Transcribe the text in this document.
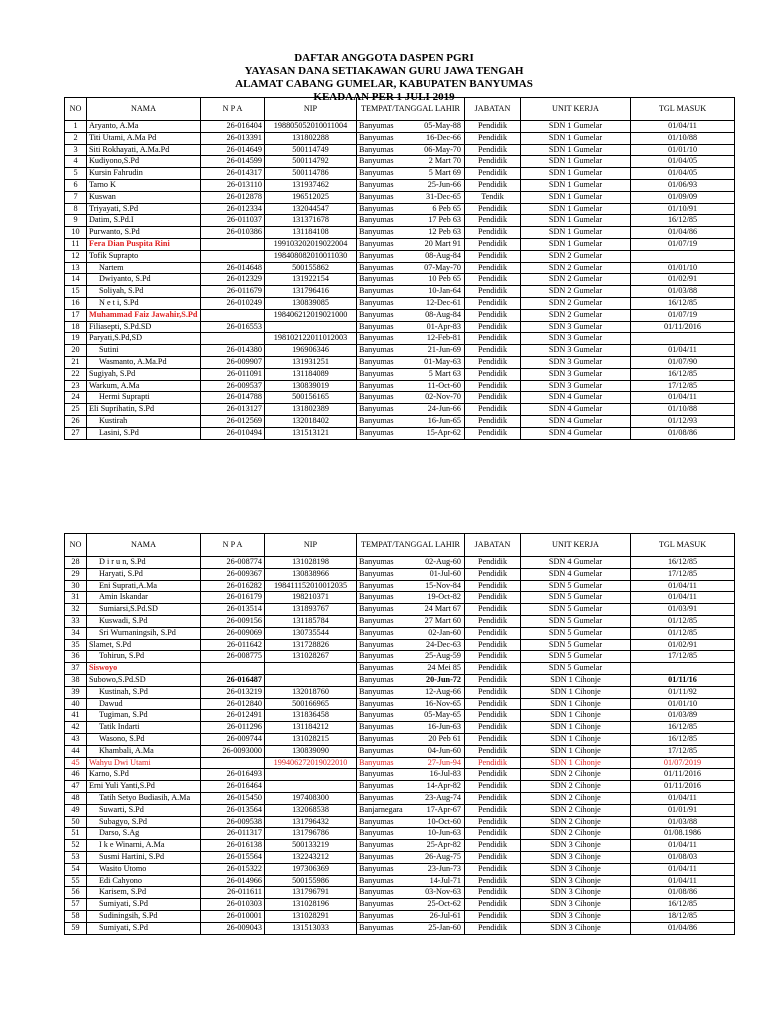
DAFTAR ANGGOTA DASPEN PGRI
YAYASAN DANA SETIAKAWAN GURU JAWA TENGAH
ALAMAT CABANG GUMELAR, KABUPATEN BANYUMAS
KEADAAN PER 1 JULI 2019
NO	NAMA	N P A	NIP	TEMPAT/TANGGAL LAHIR	JABATAN	UNIT KERJA	TGL MASUK
1	Aryanto, A.Ma	26-016404	198805052010011004	Banyumas 05-May-88	Pendidik	SDN 1 Gumelar	01/04/11
2	Titi Utami, A.Ma Pd	26-013391	131802288	Banyumas 16-Dec-66	Pendidik	SDN 1 Gumelar	01/10/88
3	Siti Rokhayati, A.Ma.Pd	26-014649	500114749	Banyumas 06-May-70	Pendidik	SDN 1 Gumelar	01/01/10
4	Kudiyono,S.Pd	26-014599	500114792	Banyumas 2 Mart 70	Pendidik	SDN 1 Gumelar	01/04/05
5	Kursin Fahrudin	26-014317	500114786	Banyumas 5 Mart 69	Pendidik	SDN 1 Gumelar	01/04/05
6	Tarno K	26-013110	131937462	Banyumas 25-Jun-66	Pendidik	SDN 1 Gumelar	01/06/93
7	Kuswan	26-012878	196512025	Banyumas 31-Dec-65	Tendik	SDN 1 Gumelar	01/09/09
8	Triyayati, S.Pd	26-012334	132044547	Banyumas 6 Peb 65	Pendidik	SDN 1 Gumelar	01/10/91
9	Datim, S.Pd.I	26-011037	131371678	Banyumas 17 Peb 63	Pendidik	SDN 1 Gumelar	16/12/85
10	Purwanto, S.Pd	26-010386	131184108	Banyumas 12 Peb 63	Pendidik	SDN 1 Gumelar	01/04/86
11	Fera Dian Puspita Rini		199103202019022004	Banyumas 20 Mart 91	Pendidik	SDN 1 Gumelar	01/07/19
12	Tofik Suprapto		198408082010011030	Banyumas 08-Aug-84	Pendidik	SDN 2 Gumelar	
13	Nartem	26-014648	500155862	Banyumas 07-May-70	Pendidik	SDN 2 Gumelar	01/01/10
14	Dwiyanto, S.Pd	26-012329	131922154	Banyumas 10 Peb 65	Pendidik	SDN 2 Gumelar	01/02/91
15	Soliyah, S.Pd	26-011679	131796416	Banyumas 10-Jan-64	Pendidik	SDN 2 Gumelar	01/03/88
16	N e t i, S.Pd	26-010249	130839085	Banyumas 12-Dec-61	Pendidik	SDN 2 Gumelar	16/12/85
17	Muhammad Faiz Jawahir,S.Pd		198406212019021000	Banyumas 08-Aug-84	Pendidik	SDN 2 Gumelar	01/07/19
18	Filiasepti, S.Pd.SD	26-016553		Banyumas 01-Apr-83	Pendidik	SDN 3 Gumelar	01/11/2016
19	Paryati,S.Pd,SD		198102122011012003	Banyumas 12-Feb-81	Pendidik	SDN 3 Gumelar	
20	Sutini	26-014380	196906346	Banyumas 21-Jun-69	Pendidik	SDN 3 Gumelar	01/04/11
21	Wasmanto, A.Ma.Pd	26-009907	131931251	Banyumas 01-May-63	Pendidik	SDN 3 Gumelar	01/07/90
22	Sugiyah, S.Pd	26-011091	131184089	Banyumas 5 Mart 63	Pendidik	SDN 3 Gumelar	16/12/85
23	Warkum, A.Ma	26-009537	130839019	Banyumas 11-Oct-60	Pendidik	SDN 3 Gumelar	17/12/85
24	Hermi Suprapti	26-014788	500156165	Banyumas 02-Nov-70	Pendidik	SDN 4 Gumelar	01/04/11
25	Eli Suprihatin, S.Pd	26-013127	131802389	Banyumas 24-Jun-66	Pendidik	SDN 4 Gumelar	01/10/88
26	Kustirah	26-012569	132018402	Banyumas 16-Jun-65	Pendidik	SDN 4 Gumelar	01/12/93
27	Lasini, S.Pd	26-010494	131513121	Banyumas 15-Apr-62	Pendidik	SDN 4 Gumelar	01/08/86
NO	NAMA	N P A	NIP	TEMPAT/TANGGAL LAHIR	JABATAN	UNIT KERJA	TGL MASUK
28	D i r u n, S.Pd	26-008774	131028198	Banyumas 02-Aug-60	Pendidik	SDN 4 Gumelar	16/12/85
29	Haryati, S.Pd	26-009367	130838966	Banyumas 01-Jul-60	Pendidik	SDN 4 Gumelar	17/12/85
30	Eni Suprati,A.Ma	26-016282	198411152010012035	Banyumas 15-Nov-84	Pendidik	SDN 5 Gumelar	01/04/11
31	Amin Iskandar	26-016179	198210371	Banyumas 19-Oct-82	Pendidik	SDN 5 Gumelar	01/04/11
32	Sumiarsi,S.Pd.SD	26-013514	131893767	Banyumas 24 Mart 67	Pendidik	SDN 5 Gumelar	01/03/91
33	Kuswadi, S.Pd	26-009156	131185784	Banyumas 27 Mart 60	Pendidik	SDN 5 Gumelar	01/12/85
34	Sri Wurnaningsih, S.Pd	26-009069	130735544	Banyumas 02-Jan-60	Pendidik	SDN 5 Gumelar	01/12/85
35	Slamet, S.Pd	26-011642	131728826	Banyumas 24-Dec-63	Pendidik	SDN 5 Gumelar	01/02/91
36	Tohirun, S.Pd	26-008775	131028267	Banyumas 25-Aug-59	Pendidik	SDN 5 Gumelar	17/12/85
37	Siswoyo			Banyumas 24 Mei 85	Pendidik	SDN 5 Gumelar	
38	Subowo,S.Pd.SD	26-016487		Banyumas 20-Jun-72	Pendidik	SDN 1 Cihonje	01/11/16
39	Kustinah, S.Pd	26-013219	132018760	Banyumas 12-Aug-66	Pendidik	SDN 1 Cihonje	01/11/92
40	Dawud	26-012840	500166965	Banyumas 16-Nov-65	Pendidik	SDN 1 Cihonje	01/01/10
41	Tugiman, S.Pd	26-012491	131836458	Banyumas 05-May-65	Pendidik	SDN 1 Cihonje	01/03/89
42	Tatik Indarti	26-011296	131184212	Banyumas 16-Jun-63	Pendidik	SDN 1 Cihonje	16/12/85
43	Wasono, S.Pd	26-009744	131028215	Banyumas 20 Peb 61	Pendidik	SDN 1 Cihonje	16/12/85
44	Khambali, A.Ma	26-0093000	130839090	Banyumas 04-Jun-60	Pendidik	SDN 1 Cihonje	17/12/85
45	Wahyu Dwi Utami		199406272019022010	Banyumas 27-Jun-94	Pendidik	SDN 1 Cihonje	01/07/2019
46	Karno, S.Pd	26-016493		Banyumas 16-Jul-83	Pendidik	SDN 2 Cihonje	01/11/2016
47	Erni Yuli Yanti,S.Pd	26-016464		Banyumas 14-Apr-82	Pendidik	SDN 2 Cihonje	01/11/2016
48	Tatih Setyo Budiasih, A.Ma	26-015450	197408300	Banyumas 23-Aug-74	Pendidik	SDN 2 Cihonje	01/04/11
49	Suwarti, S.Pd	26-013564	132068538	Banjarnegara 17-Apr-67	Pendidik	SDN 2 Cihonje	01/01/91
50	Subagyo, S.Pd	26-009538	131796432	Banyumas 10-Oct-60	Pendidik	SDN 2 Cihonje	01/03/88
51	Darso, S.Ag	26-011317	131796786	Banyumas 10-Jun-63	Pendidik	SDN 2 Cihonje	01/08.1986
52	I k e Winarni, A.Ma	26-016138	500133219	Banyumas 25-Apr-82	Pendidik	SDN 3 Cihonje	01/04/11
53	Susmi Hartini, S.Pd	26-015564	132243212	Banyumas 26-Aug-75	Pendidik	SDN 3 Cihonje	01/08/03
54	Wasito Utomo	26-015322	197306369	Banyumas 23-Jun-73	Pendidik	SDN 3 Cihonje	01/04/11
55	Edi Cahyono	26-014966	500155986	Banyumas 14-Jul-71	Pendidik	SDN 3 Cihonje	01/04/11
56	Karisem, S.Pd	26-011611	131796791	Banyumas 03-Nov-63	Pendidik	SDN 3 Cihonje	01/08/86
57	Sumiyati, S.Pd	26-010303	131028196	Banyumas 25-Oct-62	Pendidik	SDN 3 Cihonje	16/12/85
58	Sudiningsih, S.Pd	26-010001	131028291	Banyumas 26-Jul-61	Pendidik	SDN 3 Cihonje	18/12/85
59	Sumiyati, S.Pd	26-009043	131513033	Banyumas 25-Jan-60	Pendidik	SDN 3 Cihonje	01/04/86
